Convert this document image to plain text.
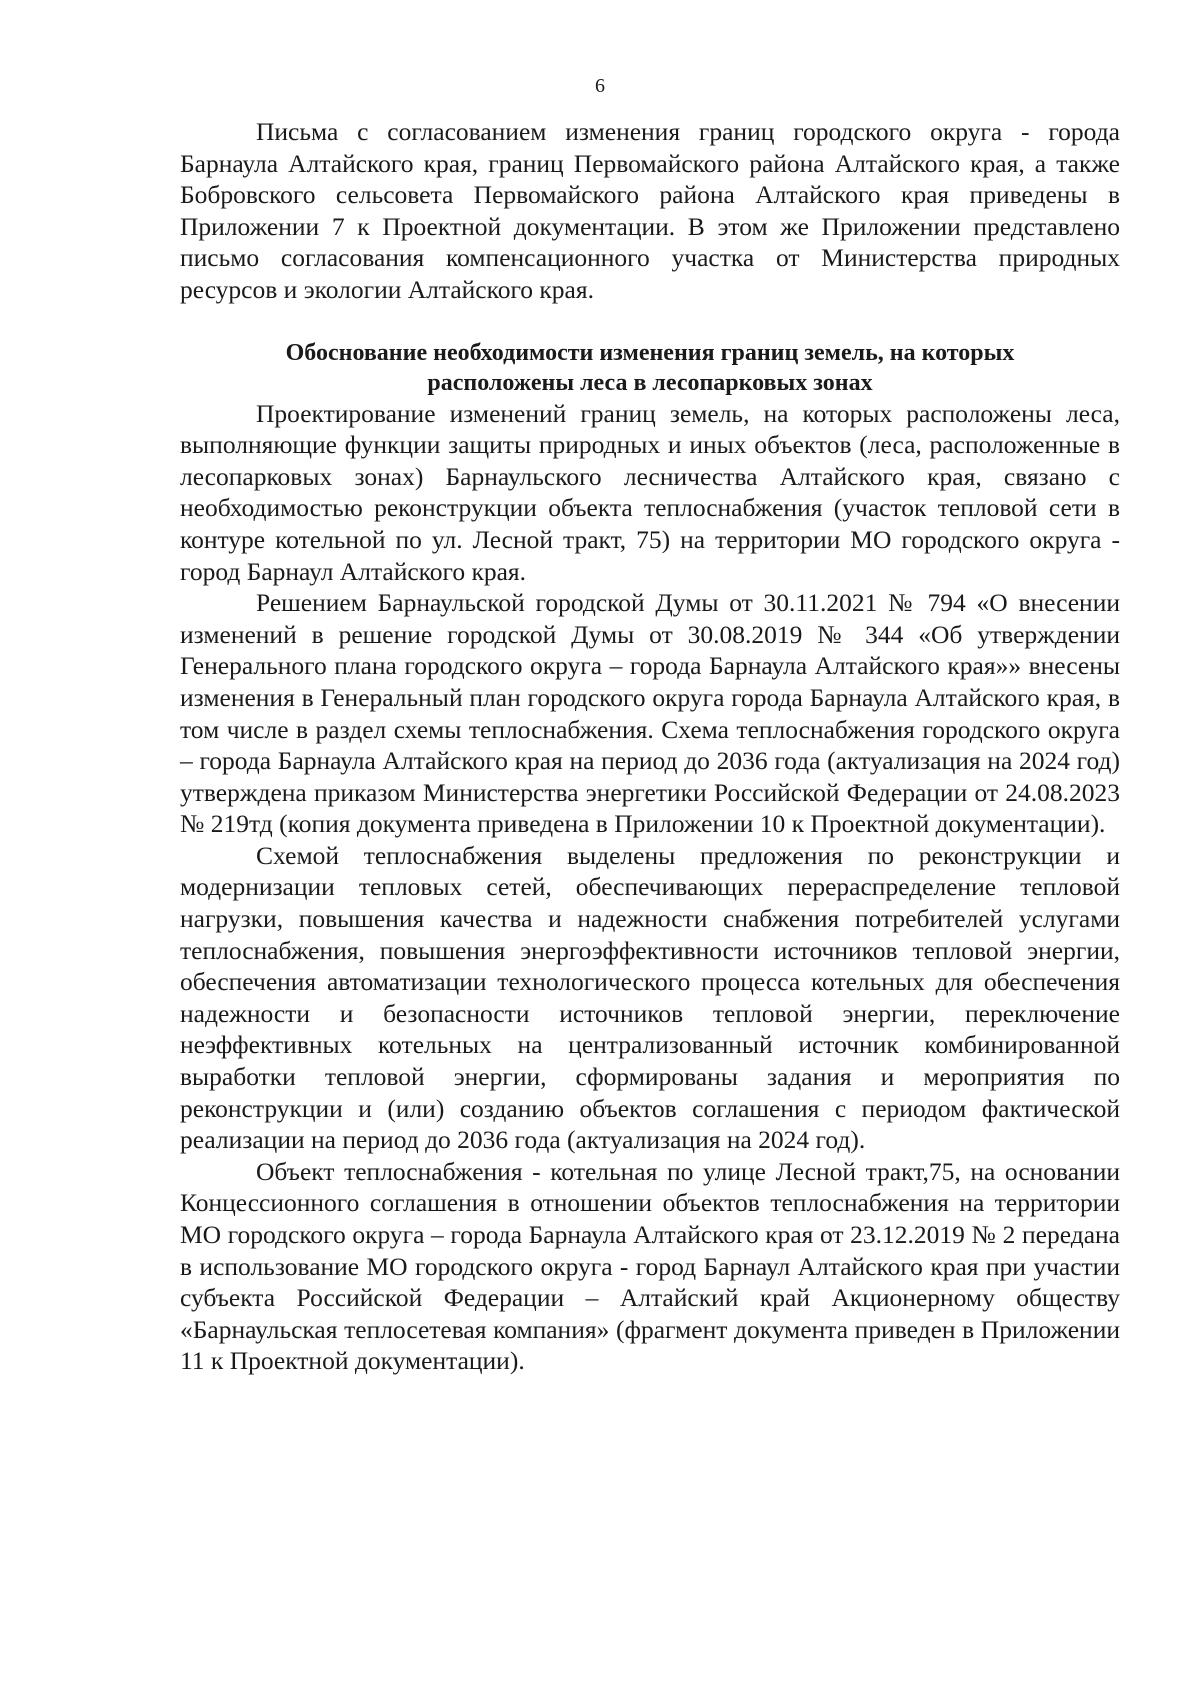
6

Письма с согласованием изменения границ городского округа - города Барнаула Алтайского края, границ Первомайского района Алтайского края, а также Бобровского сельсовета Первомайского района Алтайского края приведены в Приложении 7 к Проектной документации. В этом же Приложении представлено письмо согласования компенсационного участка от Министерства природных ресурсов и экологии Алтайского края.

Обоснование необходимости изменения границ земель, на которых
расположены леса в лесопарковых зонах

Проектирование изменений границ земель, на которых расположены леса, выполняющие функции защиты природных и иных объектов (леса, расположенные в лесопарковых зонах) Барнаульского лесничества Алтайского края, связано с необходимостью реконструкции объекта теплоснабжения (участок тепловой сети в контуре котельной по ул. Лесной тракт, 75) на территории МО городского округа - город Барнаул Алтайского края.

Решением Барнаульской городской Думы от 30.11.2021 № 794 «О внесении изменений в решение городской Думы от 30.08.2019 № 344 «Об утверждении Генерального плана городского округа – города Барнаула Алтайского края»» внесены изменения в Генеральный план городского округа города Барнаула Алтайского края, в том числе в раздел схемы теплоснабжения. Схема теплоснабжения городского округа – города Барнаула Алтайского края на период до 2036 года (актуализация на 2024 год) утверждена приказом Министерства энергетики Российской Федерации от 24.08.2023 № 219тд (копия документа приведена в Приложении 10 к Проектной документации).

Схемой теплоснабжения выделены предложения по реконструкции и модернизации тепловых сетей, обеспечивающих перераспределение тепловой нагрузки, повышения качества и надежности снабжения потребителей услугами теплоснабжения, повышения энергоэффективности источников тепловой энергии, обеспечения автоматизации технологического процесса котельных для обеспечения надежности и безопасности источников тепловой энергии, переключение неэффективных котельных на централизованный источник комбинированной выработки тепловой энергии, сформированы задания и мероприятия по реконструкции и (или) созданию объектов соглашения с периодом фактической реализации на период до 2036 года (актуализация на 2024 год).

Объект теплоснабжения - котельная по улице Лесной тракт,75, на основании Концессионного соглашения в отношении объектов теплоснабжения на территории МО городского округа – города Барнаула Алтайского края от 23.12.2019 № 2 передана в использование МО городского округа - город Барнаул Алтайского края при участии субъекта Российской Федерации – Алтайский край Акционерному обществу «Барнаульская теплосетевая компания» (фрагмент документа приведен в Приложении 11 к Проектной документации).
